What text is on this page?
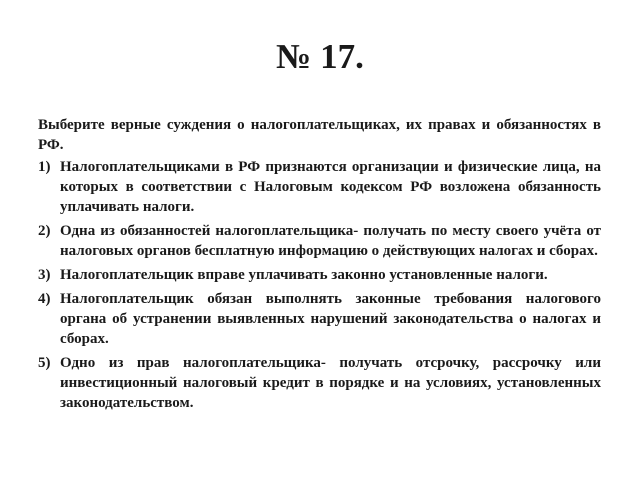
№ 17.

Выберите верные суждения о налогоплательщиках, их правах и обязанностях в РФ.

1) Налогоплательщиками в РФ признаются организации и физические лица, на которых в соответствии с Налоговым кодексом РФ возложена обязанность уплачивать налоги.
2) Одна из обязанностей налогоплательщика- получать по месту своего учёта от налоговых органов бесплатную информацию о действующих налогах и сборах.
3) Налогоплательщик вправе уплачивать законно установленные налоги.
4) Налогоплательщик обязан выполнять законные требования налогового органа об устранении выявленных нарушений законодательства о налогах и сборах.
5) Одно из прав налогоплательщика- получать отсрочку, рассрочку или инвестиционный налоговый кредит в порядке и на условиях, установленных законодательством.
